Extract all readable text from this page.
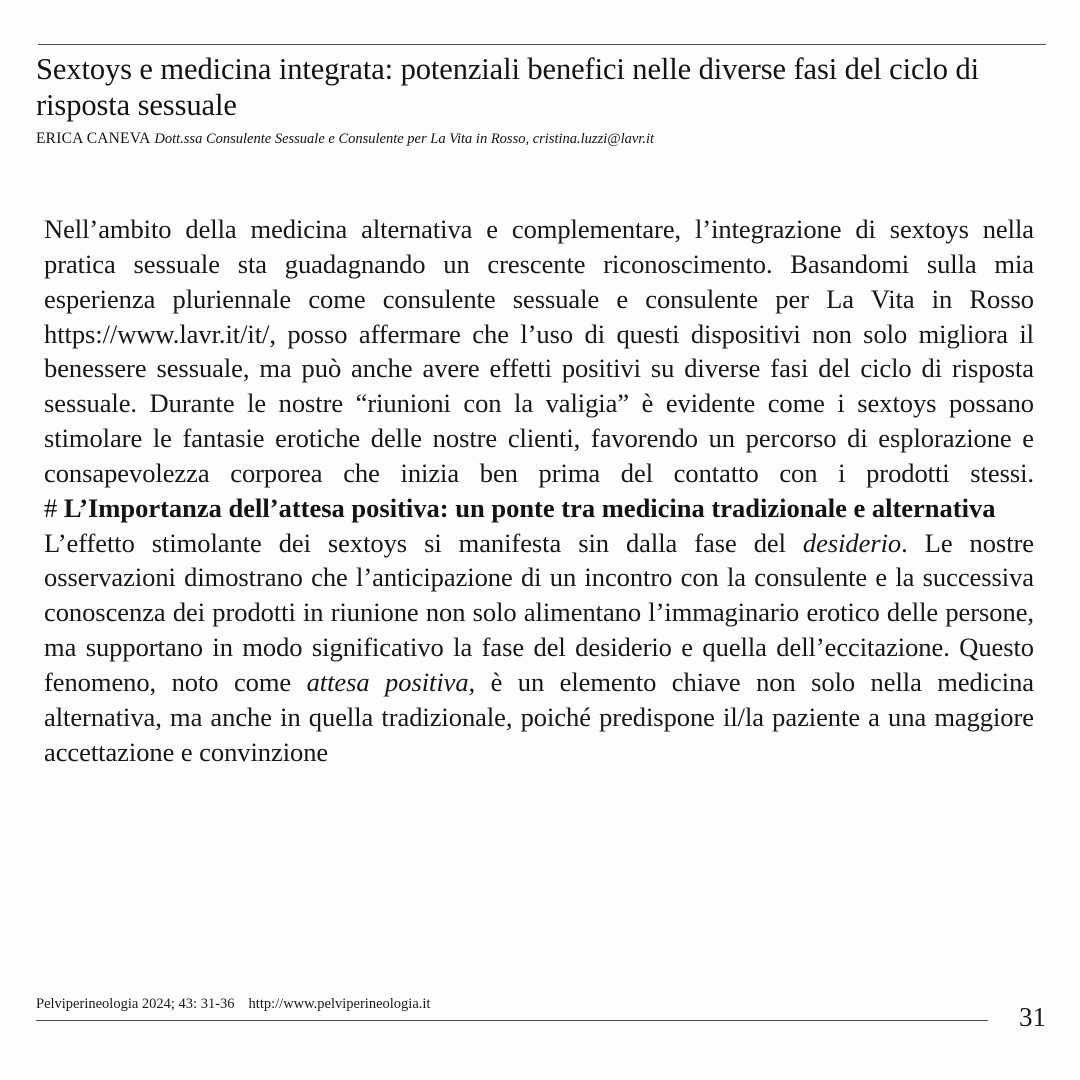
Sextoys e medicina integrata: potenziali benefici nelle diverse fasi del ciclo di risposta sessuale
ERICA CANEVA Dott.ssa Consulente Sessuale e Consulente per La Vita in Rosso, cristina.luzzi@lavr.it

Nell’ambito della medicina alternativa e complementare, l’integrazione di sextoys nella pratica sessuale sta guadagnando un crescente riconoscimento. Basandomi sulla mia esperienza pluriennale come consulente sessuale e consulente per La Vita in Rosso https://www.lavr.it/it/, posso affermare che l’uso di questi dispositivi non solo migliora il benessere sessuale, ma può anche avere effetti positivi su diverse fasi del ciclo di risposta sessuale. Durante le nostre “riunioni con la valigia” è evidente come i sextoys possano stimolare le fantasie erotiche delle nostre clienti, favorendo un percorso di esplorazione e consapevolezza corporea che inizia ben prima del contatto con i prodotti stessi.

# L’Importanza dell’attesa positiva: un ponte tra medicina tradizionale e alternativa

L’effetto stimolante dei sextoys si manifesta sin dalla fase del desiderio. Le nostre osservazioni dimostrano che l’anticipazione di un incontro con la consulente e la successiva conoscenza dei prodotti in riunione non solo alimentano l’immaginario erotico delle persone, ma supportano in modo significativo la fase del desiderio e quella dell’eccitazione. Questo fenomeno, noto come attesa positiva, è un elemento chiave non solo nella medicina alternativa, ma anche in quella tradizionale, poiché predispone il/la paziente a una maggiore accettazione e convinzione

Pelviperineologia 2024; 43: 31-36 http://www.pelviperineologia.it	31
